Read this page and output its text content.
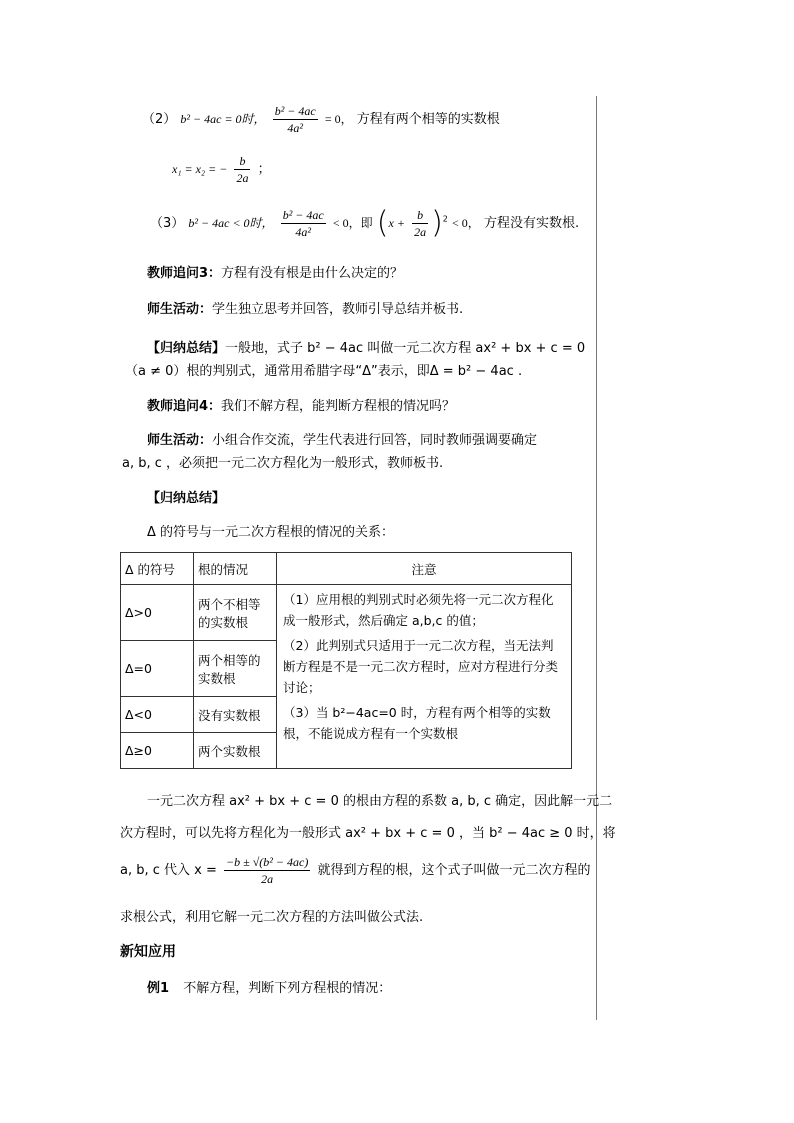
（2） b² − 4ac = 0时， $\frac{\text{b² − 4ac}}{\text{4a²}} = 0$， 方程有两个相等的实数根
x₁ = x₂ = − $\frac{b}{2a}$ ；
（3） b² − 4ac < 0时， $\frac{\text{b² − 4ac}}{\text{4a²}} < 0$，即 $(x + \frac{b}{2a} )^2 < 0$， 方程没有实数根.
教师追问3：方程有没有根是由什么决定的？
师生活动：学生独立思考并回答，教师引导总结并板书.
【归纳总结】一般地，式子 b² − 4ac 叫做一元二次方程 ax² + bx + c = 0
（a ≠ 0）根的判别式，通常用希腊字母“Δ”表示，即Δ = b² − 4ac .
教师追问4：我们不解方程，能判断方程根的情况吗？
师生活动：小组合作交流，学生代表进行回答，同时教师强调要确定
a, b, c ，必须把一元二次方程化为一般形式，教师板书.
【归纳总结】
Δ 的符号与一元二次方程根的情况的关系：
Δ 的符号	根的情况	注意
Δ>0	两个不相等的实数根	（1）应用根的判别式时必须先将一元二次方程化成一般形式，然后确定 a,b,c 的值；

（2）此判别式只适用于一元二次方程，当无法判断方程是不是一元二次方程时，应对方程进行分类讨论；

（3）当 b²−4ac=0 时，方程有两个相等的实数根，不能说成方程有一个实数根

Δ=0	两个相等的实数根	
Δ<0	没有实数根	
Δ≥0	两个实数根	
一元二次方程 ax² + bx + c = 0 的根由方程的系数 a, b, c 确定，因此解一元二
次方程时，可以先将方程化为一般形式 ax² + bx + c = 0 ，当 b² − 4ac ≥ 0 时，将
a, b, c 代入 $x = \frac{\text{−b ± √(b² − 4ac)}}{2a}$ 就得到方程的根，这个式子叫做一元二次方程的
求根公式，利用它解一元二次方程的方法叫做公式法.
新知应用
例1 不解方程，判断下列方程根的情况：
